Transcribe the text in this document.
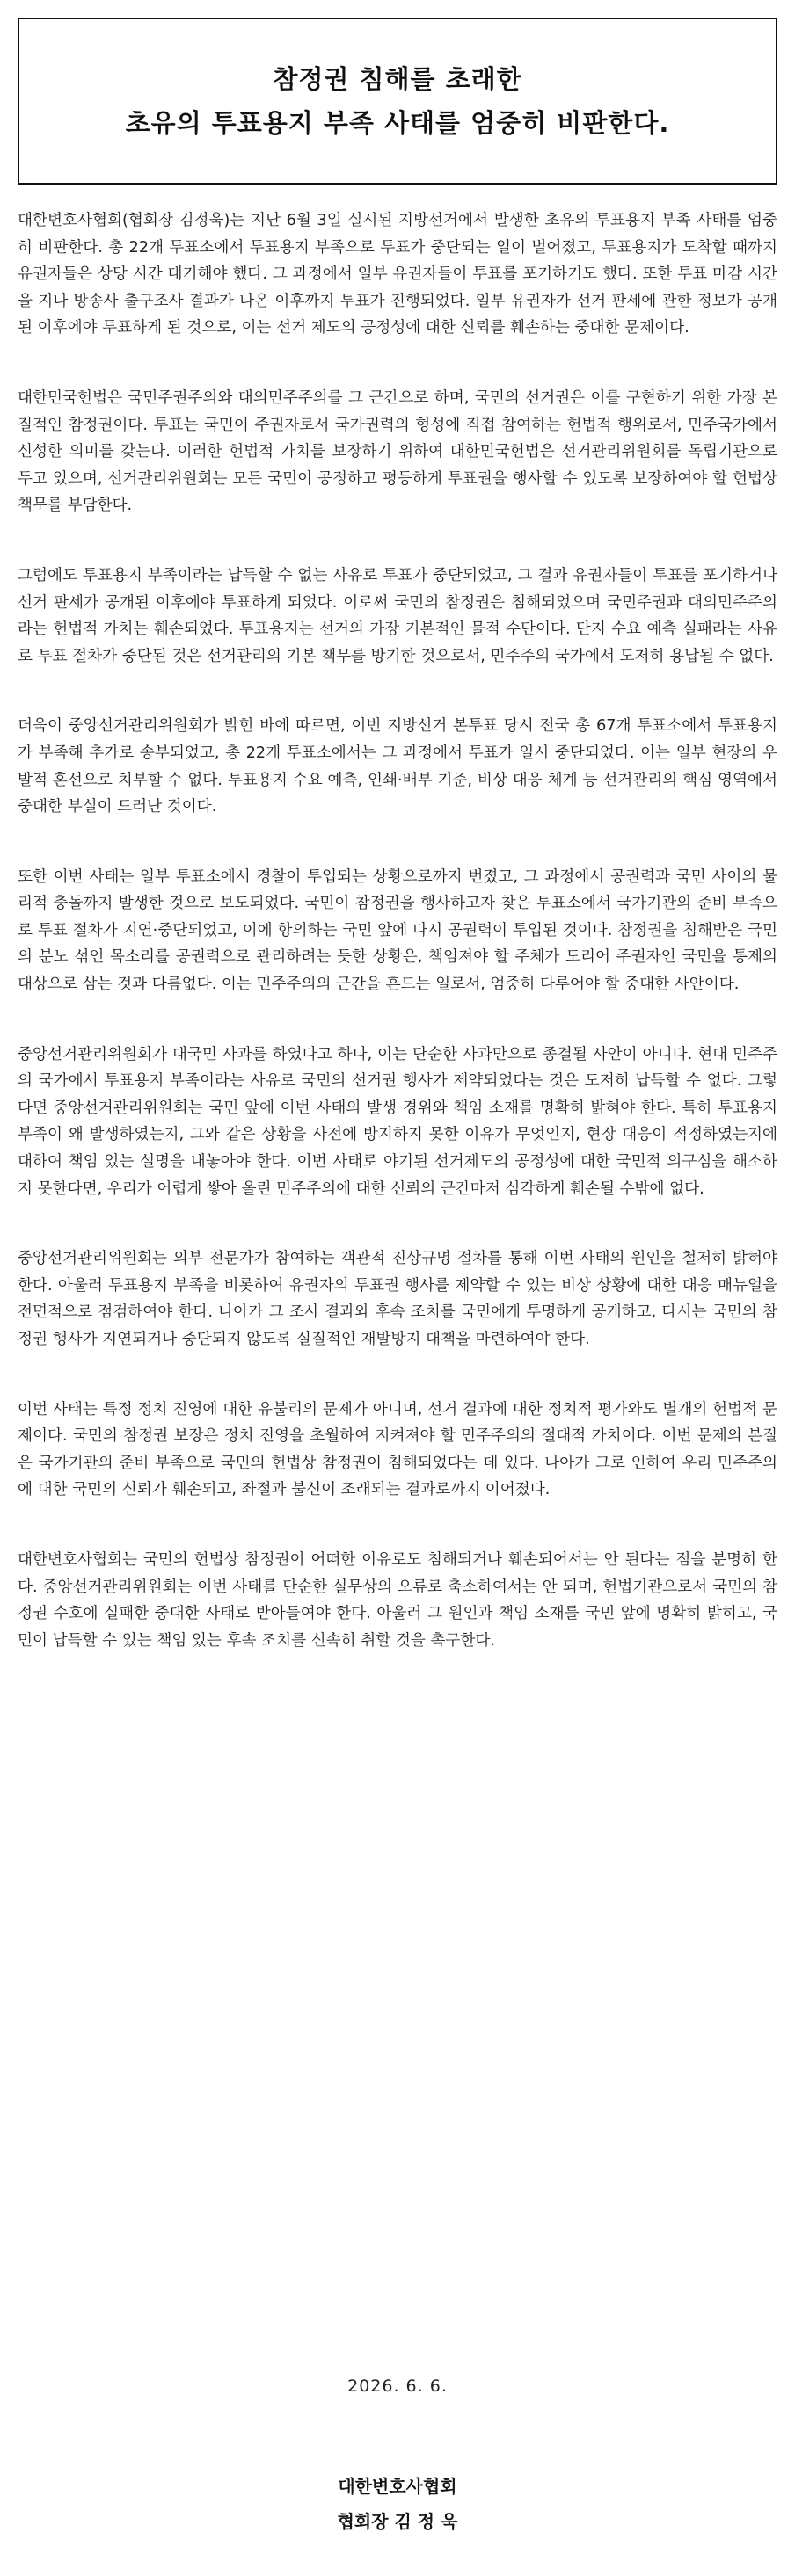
참정권 침해를 초래한
초유의 투표용지 부족 사태를 엄중히 비판한다.

대한변호사협회(협회장 김정욱)는 지난 6월 3일 실시된 지방선거에서 발생한 초유의 투표용지 부족 사태를 엄중히 비판한다. 총 22개 투표소에서 투표용지 부족으로 투표가 중단되는 일이 벌어졌고, 투표용지가 도착할 때까지 유권자들은 상당 시간 대기해야 했다. 그 과정에서 일부 유권자들이 투표를 포기하기도 했다. 또한 투표 마감 시간을 지나 방송사 출구조사 결과가 나온 이후까지 투표가 진행되었다. 일부 유권자가 선거 판세에 관한 정보가 공개된 이후에야 투표하게 된 것으로, 이는 선거 제도의 공정성에 대한 신뢰를 훼손하는 중대한 문제이다.

대한민국헌법은 국민주권주의와 대의민주주의를 그 근간으로 하며, 국민의 선거권은 이를 구현하기 위한 가장 본질적인 참정권이다. 투표는 국민이 주권자로서 국가권력의 형성에 직접 참여하는 헌법적 행위로서, 민주국가에서 신성한 의미를 갖는다. 이러한 헌법적 가치를 보장하기 위하여 대한민국헌법은 선거관리위원회를 독립기관으로 두고 있으며, 선거관리위원회는 모든 국민이 공정하고 평등하게 투표권을 행사할 수 있도록 보장하여야 할 헌법상 책무를 부담한다.

그럼에도 투표용지 부족이라는 납득할 수 없는 사유로 투표가 중단되었고, 그 결과 유권자들이 투표를 포기하거나 선거 판세가 공개된 이후에야 투표하게 되었다. 이로써 국민의 참정권은 침해되었으며 국민주권과 대의민주주의라는 헌법적 가치는 훼손되었다. 투표용지는 선거의 가장 기본적인 물적 수단이다. 단지 수요 예측 실패라는 사유로 투표 절차가 중단된 것은 선거관리의 기본 책무를 방기한 것으로서, 민주주의 국가에서 도저히 용납될 수 없다.

더욱이 중앙선거관리위원회가 밝힌 바에 따르면, 이번 지방선거 본투표 당시 전국 총 67개 투표소에서 투표용지가 부족해 추가로 송부되었고, 총 22개 투표소에서는 그 과정에서 투표가 일시 중단되었다. 이는 일부 현장의 우발적 혼선으로 치부할 수 없다. 투표용지 수요 예측, 인쇄·배부 기준, 비상 대응 체계 등 선거관리의 핵심 영역에서 중대한 부실이 드러난 것이다.

또한 이번 사태는 일부 투표소에서 경찰이 투입되는 상황으로까지 번졌고, 그 과정에서 공권력과 국민 사이의 물리적 충돌까지 발생한 것으로 보도되었다. 국민이 참정권을 행사하고자 찾은 투표소에서 국가기관의 준비 부족으로 투표 절차가 지연·중단되었고, 이에 항의하는 국민 앞에 다시 공권력이 투입된 것이다. 참정권을 침해받은 국민의 분노 섞인 목소리를 공권력으로 관리하려는 듯한 상황은, 책임져야 할 주체가 도리어 주권자인 국민을 통제의 대상으로 삼는 것과 다름없다. 이는 민주주의의 근간을 흔드는 일로서, 엄중히 다루어야 할 중대한 사안이다.

중앙선거관리위원회가 대국민 사과를 하였다고 하나, 이는 단순한 사과만으로 종결될 사안이 아니다. 현대 민주주의 국가에서 투표용지 부족이라는 사유로 국민의 선거권 행사가 제약되었다는 것은 도저히 납득할 수 없다. 그렇다면 중앙선거관리위원회는 국민 앞에 이번 사태의 발생 경위와 책임 소재를 명확히 밝혀야 한다. 특히 투표용지 부족이 왜 발생하였는지, 그와 같은 상황을 사전에 방지하지 못한 이유가 무엇인지, 현장 대응이 적정하였는지에 대하여 책임 있는 설명을 내놓아야 한다. 이번 사태로 야기된 선거제도의 공정성에 대한 국민적 의구심을 해소하지 못한다면, 우리가 어렵게 쌓아 올린 민주주의에 대한 신뢰의 근간마저 심각하게 훼손될 수밖에 없다.

중앙선거관리위원회는 외부 전문가가 참여하는 객관적 진상규명 절차를 통해 이번 사태의 원인을 철저히 밝혀야 한다. 아울러 투표용지 부족을 비롯하여 유권자의 투표권 행사를 제약할 수 있는 비상 상황에 대한 대응 매뉴얼을 전면적으로 점검하여야 한다. 나아가 그 조사 결과와 후속 조치를 국민에게 투명하게 공개하고, 다시는 국민의 참정권 행사가 지연되거나 중단되지 않도록 실질적인 재발방지 대책을 마련하여야 한다.

이번 사태는 특정 정치 진영에 대한 유불리의 문제가 아니며, 선거 결과에 대한 정치적 평가와도 별개의 헌법적 문제이다. 국민의 참정권 보장은 정치 진영을 초월하여 지켜져야 할 민주주의의 절대적 가치이다. 이번 문제의 본질은 국가기관의 준비 부족으로 국민의 헌법상 참정권이 침해되었다는 데 있다. 나아가 그로 인하여 우리 민주주의에 대한 국민의 신뢰가 훼손되고, 좌절과 불신이 조래되는 결과로까지 이어졌다.

대한변호사협회는 국민의 헌법상 참정권이 어떠한 이유로도 침해되거나 훼손되어서는 안 된다는 점을 분명히 한다. 중앙선거관리위원회는 이번 사태를 단순한 실무상의 오류로 축소하여서는 안 되며, 헌법기관으로서 국민의 참정권 수호에 실패한 중대한 사태로 받아들여야 한다. 아울러 그 원인과 책임 소재를 국민 앞에 명확히 밝히고, 국민이 납득할 수 있는 책임 있는 후속 조치를 신속히 취할 것을 촉구한다.

2026. 6. 6.
대한변호사협회
협회장 김 정 욱
